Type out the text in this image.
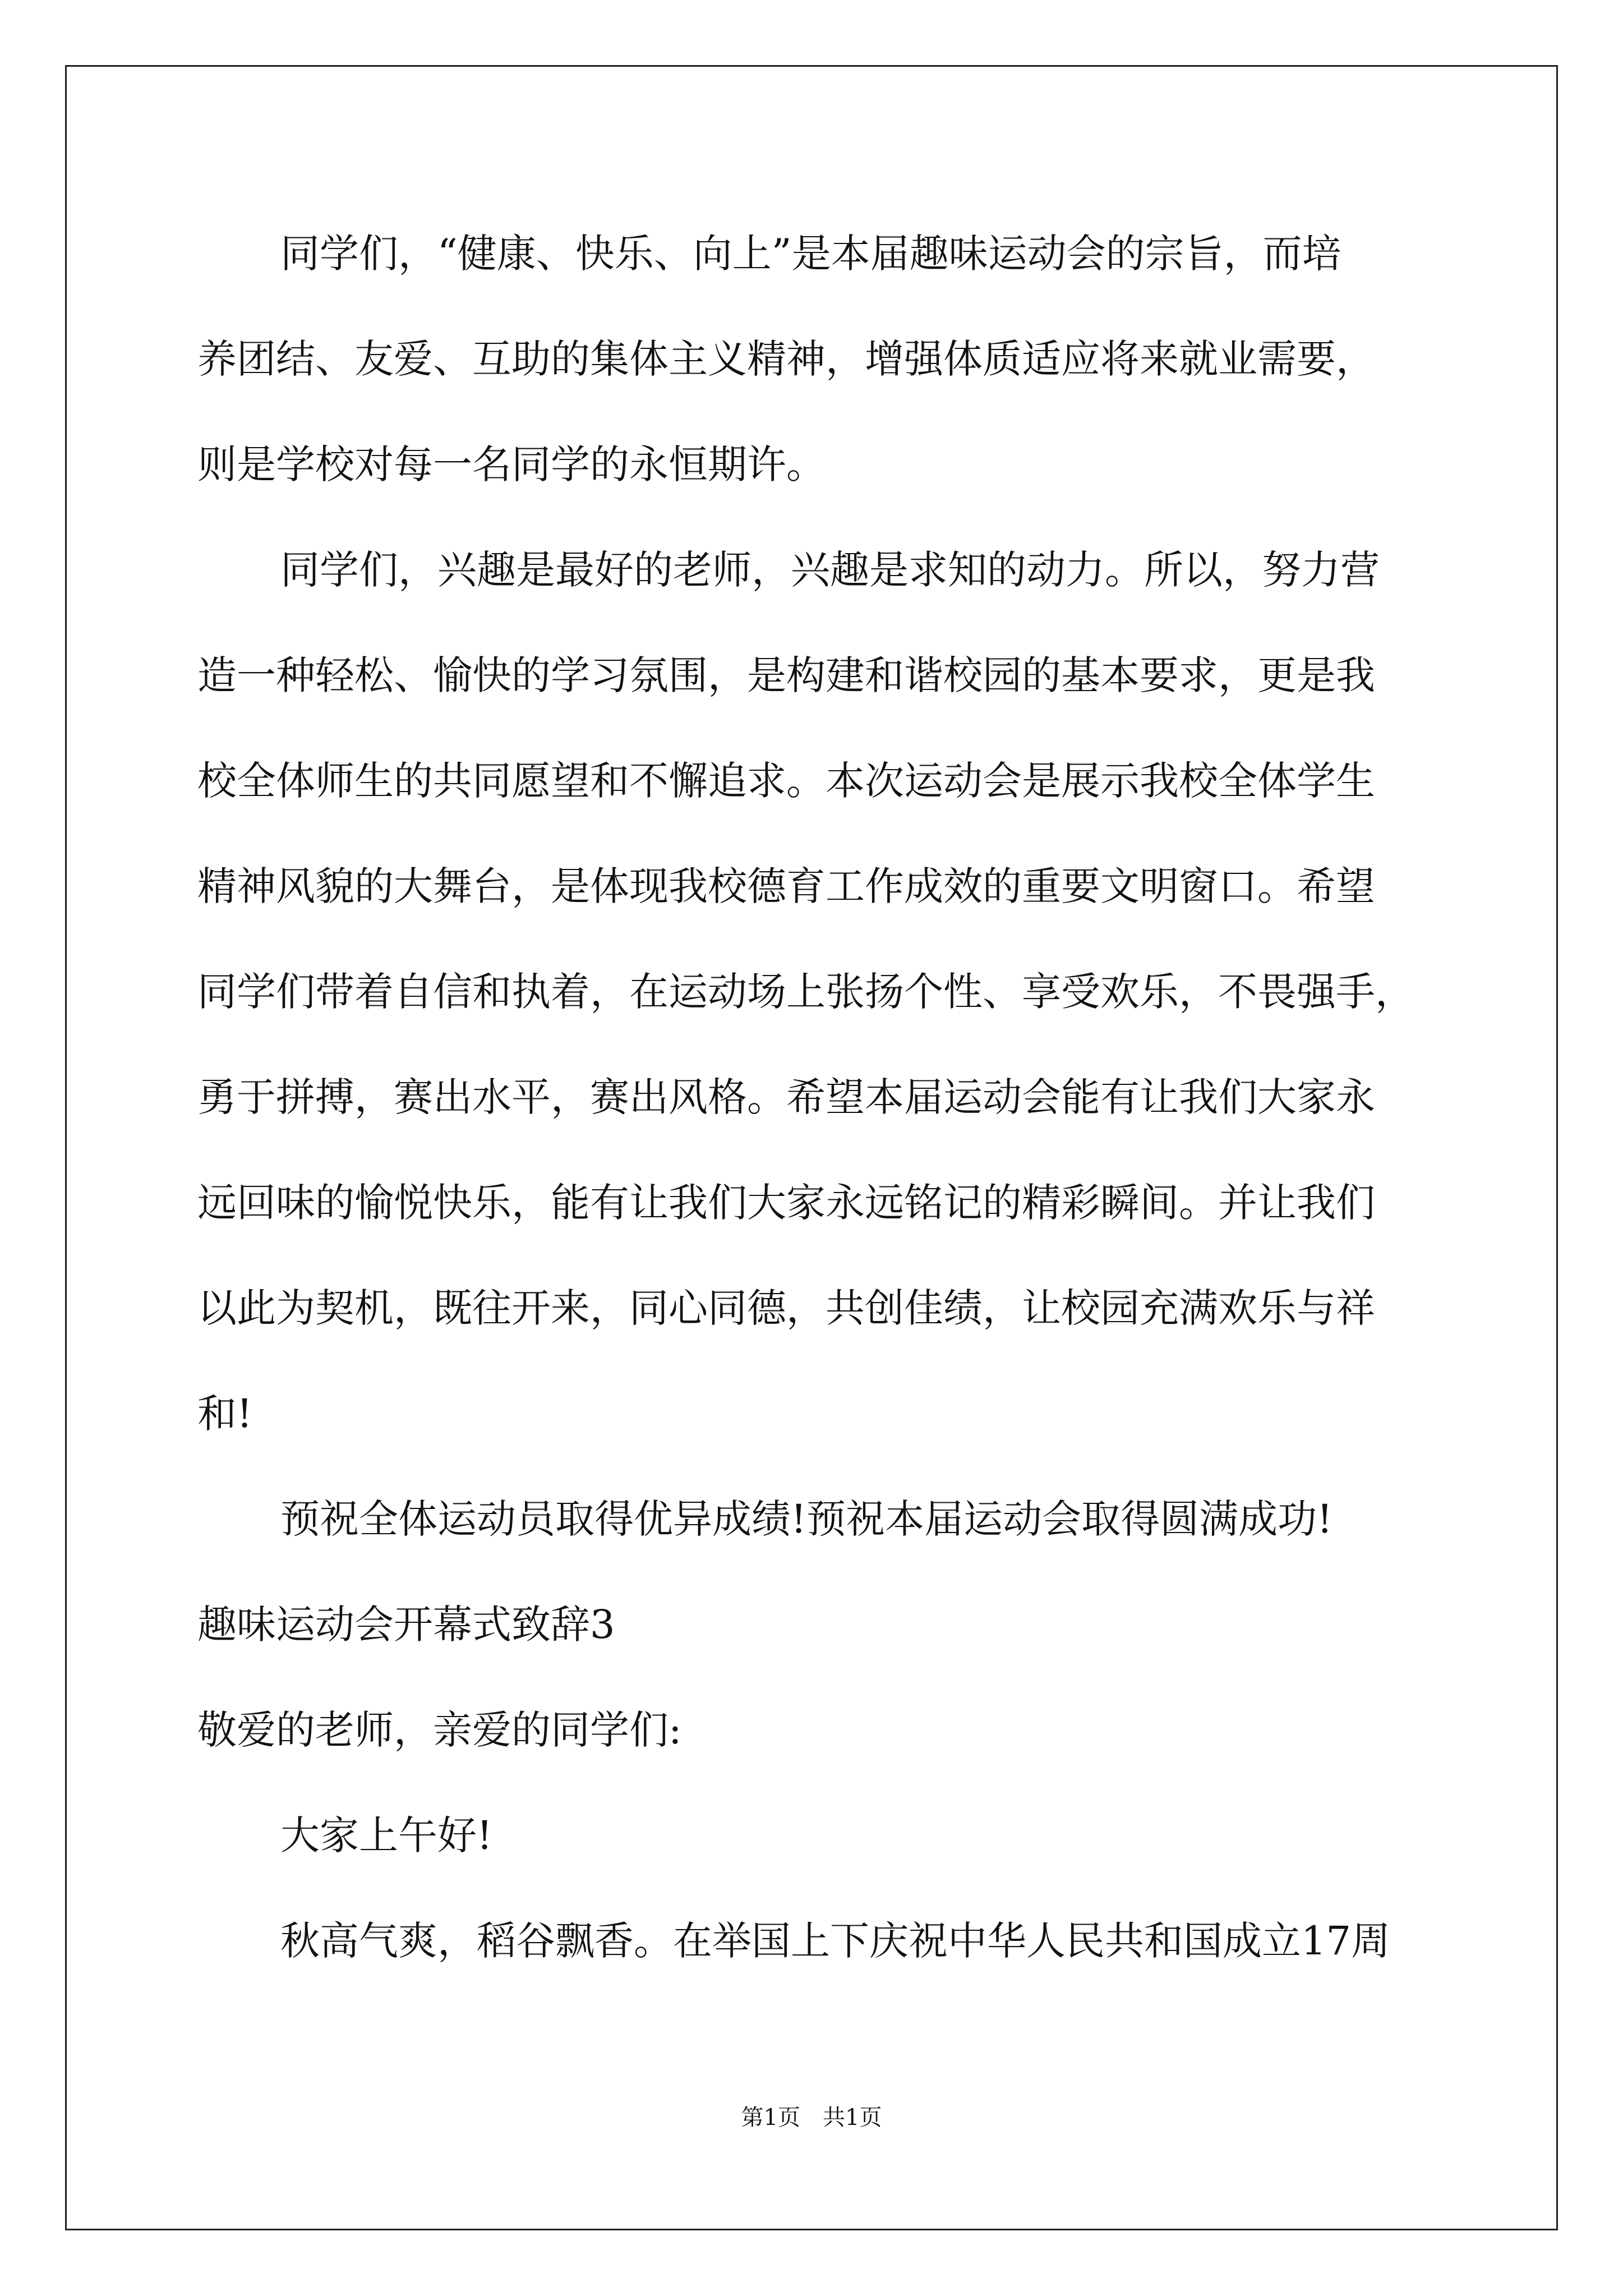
同学们，“健康、快乐、向上”是本届趣味运动会的宗旨，而培
养团结、友爱、互助的集体主义精神，增强体质适应将来就业需要，
则是学校对每一名同学的永恒期许。
同学们，兴趣是最好的老师，兴趣是求知的动力。所以，努力营
造一种轻松、愉快的学习氛围，是构建和谐校园的基本要求，更是我
校全体师生的共同愿望和不懈追求。本次运动会是展示我校全体学生
精神风貌的大舞台，是体现我校德育工作成效的重要文明窗口。希望
同学们带着自信和执着，在运动场上张扬个性、享受欢乐，不畏强手，
勇于拼搏，赛出水平，赛出风格。希望本届运动会能有让我们大家永
远回味的愉悦快乐，能有让我们大家永远铭记的精彩瞬间。并让我们
以此为契机，既往开来，同心同德，共创佳绩，让校园充满欢乐与祥
和!
预祝全体运动员取得优异成绩!预祝本届运动会取得圆满成功!
趣味运动会开幕式致辞3
敬爱的老师，亲爱的同学们:
大家上午好!
秋高气爽，稻谷飘香。在举国上下庆祝中华人民共和国成立17周
第1页　共1页
